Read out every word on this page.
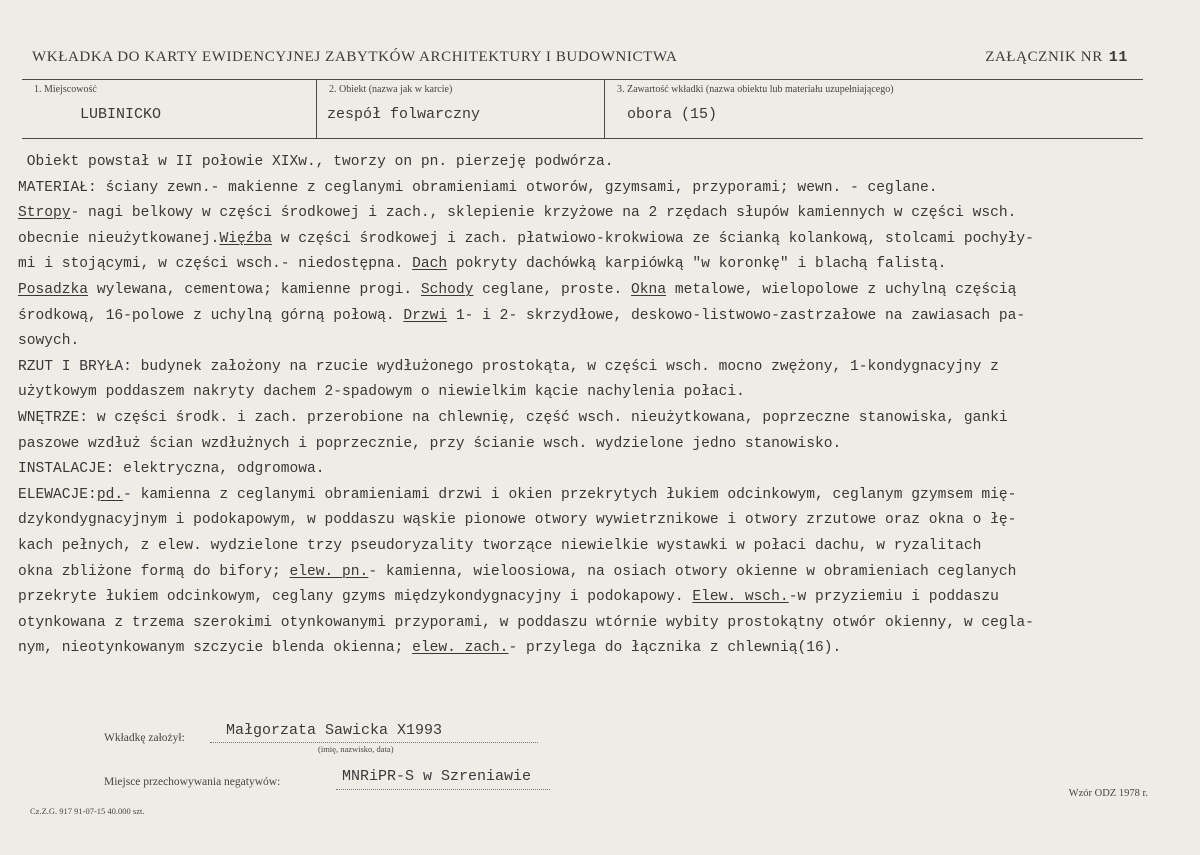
WKŁADKA DO KARTY EWIDENCYJNEJ ZABYTKÓW ARCHITEKTURY I BUDOWNICTWA	ZAŁĄCZNIK NR 11
1. Miejscowość
LUBINICKO
2. Obiekt (nazwa jak w karcie)
zespół folwarczny
3. Zawartość wkładki (nazwa obiektu lub materiału uzupełniającego)
obora (15)
Obiekt powstał w II połowie XIXw., tworzy on pn. pierzeję podwórza.
MATERIAŁ: ściany zewn.- makienne z ceglanymi obramieniami otworów, gzymsami, przyporami; wewn. - ceglane.
Stropy- nagi belkowy w części środkowej i zach., sklepienie krzyżowe na 2 rzędach słupów kamiennych w części wsch.
obecnie nieużytkowanej.Więźba w części środkowej i zach. płatwiowo-krokwiowa ze ścianką kolankową, stolcami pochyły-
mi i stojącymi, w części wsch.- niedostępna. Dach pokryty dachówką karpiówką "w koronkę" i blachą falistą.
Posadzka wylewana, cementowa; kamienne progi. Schody ceglane, proste. Okna metalowe, wielopolowe z uchylną częścią
środkową, 16-polowe z uchylną górną połową. Drzwi 1- i 2- skrzydłowe, deskowo-listwowo-zastrzałowe na zawiasach pa-
sowych.
RZUT I BRYŁA: budynek założony na rzucie wydłużonego prostokąta, w części wsch. mocno zwężony, 1-kondygnacyjny z
użytkowym poddaszem nakryty dachem 2-spadowym o niewielkim kącie nachylenia połaci.
WNĘTRZE: w części środk. i zach. przerobione na chlewnię, część wsch. nieużytkowana, poprzeczne stanowiska, ganki
paszowe wzdłuż ścian wzdłużnych i poprzecznie, przy ścianie wsch. wydzielone jedno stanowisko.
INSTALACJE: elektryczna, odgromowa.
ELEWACJE:pd.- kamienna z ceglanymi obramieniami drzwi i okien przekrytych łukiem odcinkowym, ceglanym gzymsem mię-
dzykondygnacyjnym i podokapowym, w poddaszu wąskie pionowe otwory wywietrznikowe i otwory zrzutowe oraz okna o łę-
kach pełnych, z elew. wydzielone trzy pseudoryzality tworzące niewielkie wystawki w połaci dachu, w ryzalitach
okna zbliżone formą do bifory; elew. pn.- kamienna, wieloosiowa, na osiach otwory okienne w obramieniach ceglanych
przekryte łukiem odcinkowym, ceglany gzyms międzykondygnacyjny i podokapowy. Elew. wsch.-w przyziemiu i poddaszu
otynkowana z trzema szerokimi otynkowanymi przyporami, w poddaszu wtórnie wybity prostokątny otwór okienny, w cegla-
nym, nieotynkowanym szczycie blenda okienna; elew. zach.- przylega do łącznika z chlewnią(16).
Wkładkę założył:	Małgorzata Sawicka X1993
(imię, nazwisko, data)
Miejsce przechowywania negatywów:	MNRiPR-S w Szreniawie
Cz.Z.G. 917 91-07-15 40.000 szt.
Wzór ODZ 1978 r.
